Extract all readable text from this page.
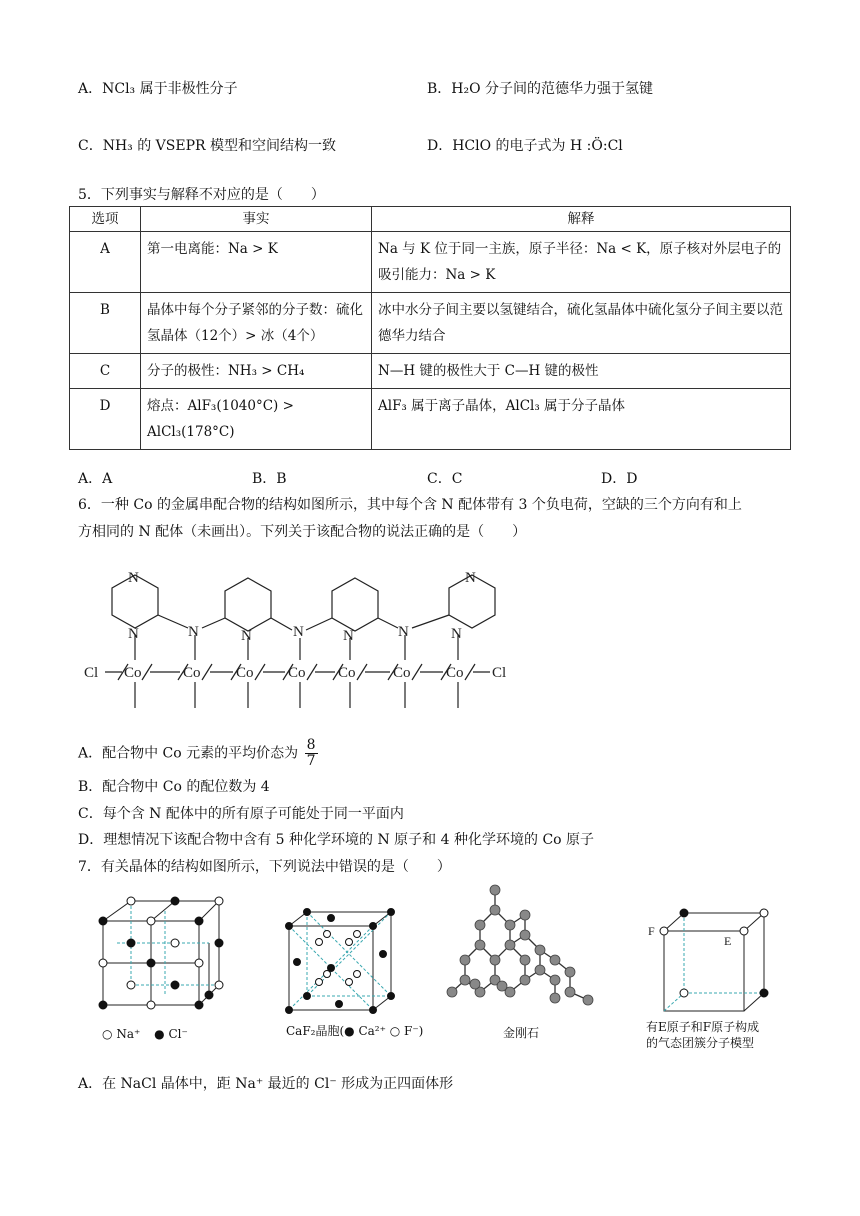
A．NCl₃ 属于非极性分子	B．H₂O 分子间的范德华力强于氢键
C．NH₃ 的 VSEPR 模型和空间结构一致	D．HClO 的电子式为 H :Ö:Cl
5．下列事实与解释不对应的是（　　）
选项	事实	解释
A	第一电离能：Na > K	Na 与 K 位于同一主族，原子半径：Na < K，原子核对外层电子的吸引能力：Na > K
B	晶体中每个分子紧邻的分子数：硫化氢晶体（12个）> 冰（4个）	冰中水分子间主要以氢键结合，硫化氢晶体中硫化氢分子间主要以范德华力结合
C	分子的极性：NH₃ > CH₄	N—H 键的极性大于 C—H 键的极性
D	熔点：AlF₃(1040°C) > AlCl₃(178°C)	AlF₃ 属于离子晶体，AlCl₃ 属于分子晶体
A．A	B．B	C．C	D．D
6．一种 Co 的金属串配合物的结构如图所示，其中每个含 N 配体带有 3 个负电荷，空缺的三个方向有和上
方相同的 N 配体（未画出）。下列关于该配合物的说法正确的是（　　）
N
N
N	N	N	N	N	N
N
Cl Co	Co Co Co Co Co Co Cl
A．配合物中 Co 元素的平均价态为 $\frac{8}{7}$
B．配合物中 Co 的配位数为 4
C．每个含 N 配体中的所有原子可能处于同一平面内
D．理想情况下该配合物中含有 5 种化学环境的 N 原子和 4 种化学环境的 Co 原子
7．有关晶体的结构如图所示，下列说法中错误的是（　　）
○ Na⁺ ● Cl⁻	CaF₂晶胞(● Ca²⁺ ○ F⁻)	金刚石
F
E
有E原子和F原子构成
的气态团簇分子模型
A．在 NaCl 晶体中，距 Na⁺ 最近的 Cl⁻ 形成为正四面体形
